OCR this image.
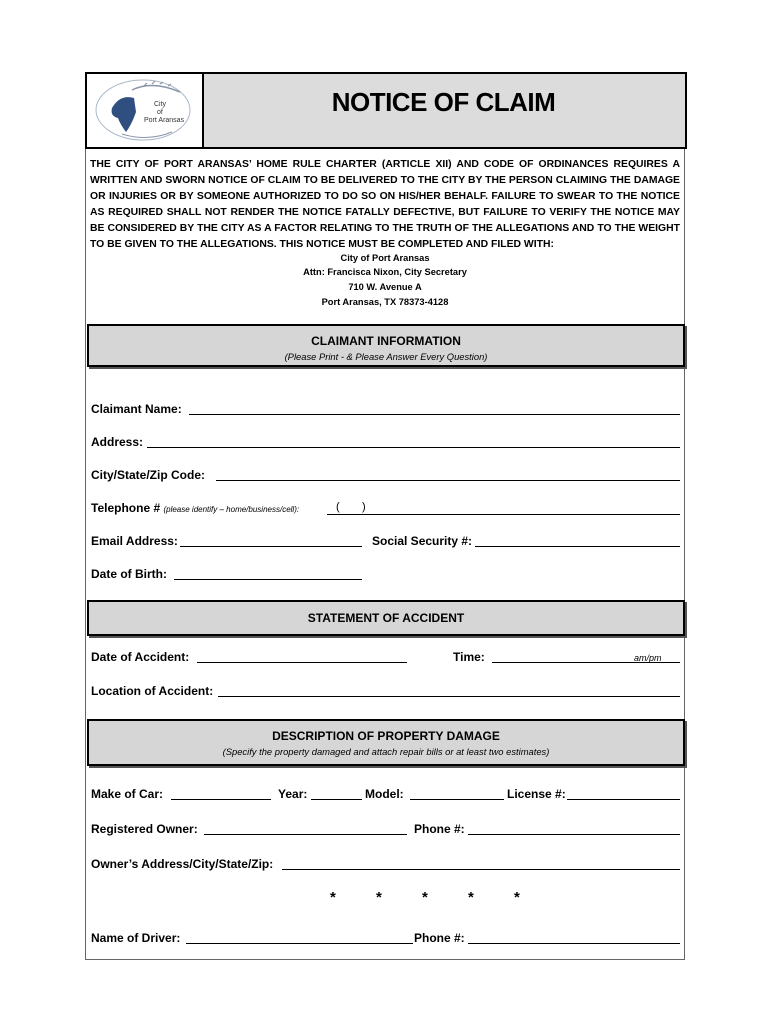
City
of
Port Aransas
NOTICE OF CLAIM
THE CITY OF PORT ARANSAS’ HOME RULE CHARTER (ARTICLE XII) AND CODE OF ORDINANCES REQUIRES A WRITTEN AND SWORN NOTICE OF CLAIM TO BE DELIVERED TO THE CITY BY THE PERSON CLAIMING THE DAMAGE OR INJURIES OR BY SOMEONE AUTHORIZED TO DO SO ON HIS/HER BEHALF. FAILURE TO SWEAR TO THE NOTICE AS REQUIRED SHALL NOT RENDER THE NOTICE FATALLY DEFECTIVE, BUT FAILURE TO VERIFY THE NOTICE MAY BE CONSIDERED BY THE CITY AS A FACTOR RELATING TO THE TRUTH OF THE ALLEGATIONS AND TO THE WEIGHT TO BE GIVEN TO THE ALLEGATIONS. THIS NOTICE MUST BE COMPLETED AND FILED WITH:
City of Port Aransas
Attn: Francisca Nixon, City Secretary
710 W. Avenue A
Port Aransas, TX 78373-4128
CLAIMANT INFORMATION
(Please Print - & Please Answer Every Question)
Claimant Name:
Address:
City/State/Zip Code:
Telephone # (please identify – home/business/cell):	( )
Email Address:	Social Security #:
Date of Birth:
STATEMENT OF ACCIDENT
Date of Accident:	Time:	am/pm
Location of Accident:
DESCRIPTION OF PROPERTY DAMAGE
(Specify the property damaged and attach repair bills or at least two estimates)
Make of Car:	Year:	Model:	License #:
Registered Owner:	Phone #:
Owner’s Address/City/State/Zip:
* * * * *
Name of Driver:	Phone #:
